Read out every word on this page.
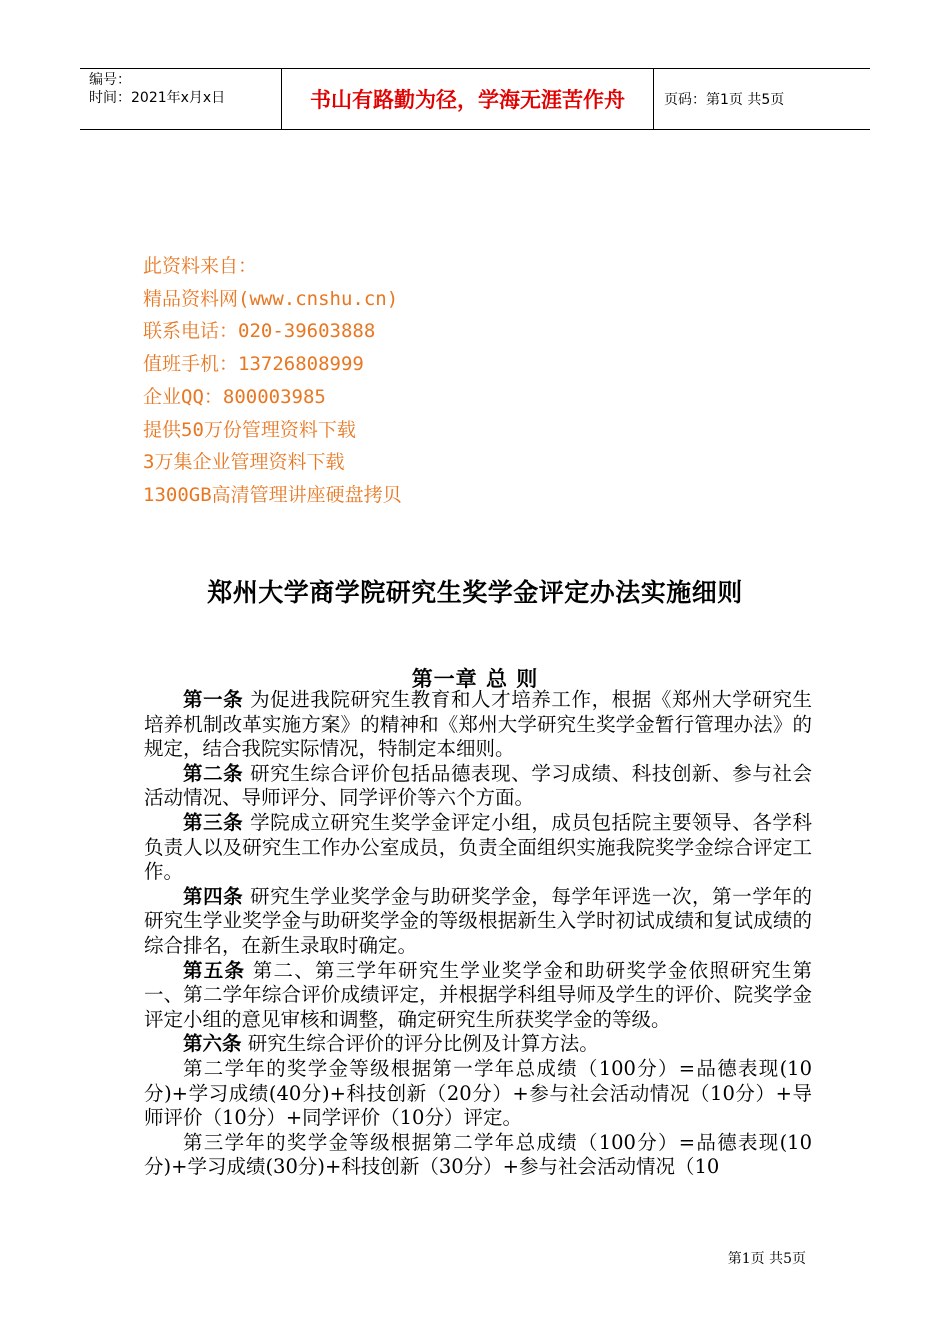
编号：
时间：2021年x月x日	书山有路勤为径，学海无涯苦作舟	页码：第1页 共5页
此资料来自：
精品资料网(www.cnshu.cn)
联系电话：020-39603888
值班手机：13726808999
企业QQ：800003985
提供50万份管理资料下载
3万集企业管理资料下载
1300GB高清管理讲座硬盘拷贝
郑州大学商学院研究生奖学金评定办法实施细则
第一章 总 则

第一条 为促进我院研究生教育和人才培养工作，根据《郑州大学研究生培养机制改革实施方案》的精神和《郑州大学研究生奖学金暂行管理办法》的规定，结合我院实际情况，特制定本细则。

第二条 研究生综合评价包括品德表现、学习成绩、科技创新、参与社会活动情况、导师评分、同学评价等六个方面。

第三条 学院成立研究生奖学金评定小组，成员包括院主要领导、各学科负责人以及研究生工作办公室成员，负责全面组织实施我院奖学金综合评定工作。

第四条 研究生学业奖学金与助研奖学金，每学年评选一次，第一学年的研究生学业奖学金与助研奖学金的等级根据新生入学时初试成绩和复试成绩的综合排名，在新生录取时确定。

第五条 第二、第三学年研究生学业奖学金和助研奖学金依照研究生第一、第二学年综合评价成绩评定，并根据学科组导师及学生的评价、院奖学金评定小组的意见审核和调整，确定研究生所获奖学金的等级。

第六条 研究生综合评价的评分比例及计算方法。

第二学年的奖学金等级根据第一学年总成绩（100分）=品德表现(10分)+学习成绩(40分)+科技创新（20分）+参与社会活动情况（10分）+导师评价（10分）+同学评价（10分）评定。

第三学年的奖学金等级根据第二学年总成绩（100分）=品德表现(10分)+学习成绩(30分)+科技创新（30分）+参与社会活动情况（10

第1页 共5页
